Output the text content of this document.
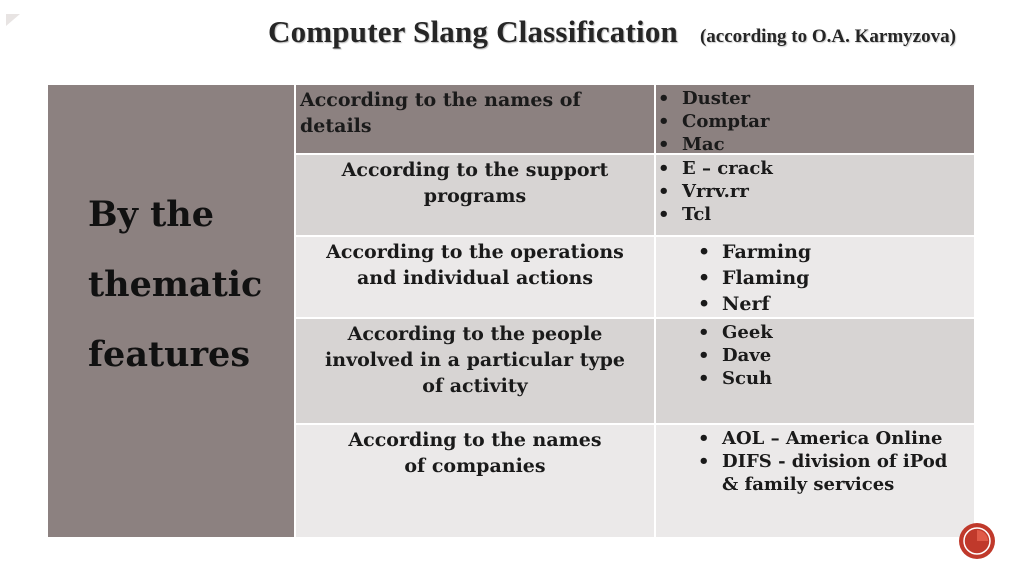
Computer Slang Classification (according to O.A. Karmyzova)
By the thematic features
According to the names of details
• Duster
• Comptar
• Mac
According to the support programs
• E – crack
• Vrrv.rr
• Tcl
According to the operations and individual actions
• Farming
• Flaming
• Nerf
According to the people involved in a particular type of activity
• Geek
• Dave
• Scuh
According to the names of companies
• AOL – America Online
• DIFS - division of iPod & family services
